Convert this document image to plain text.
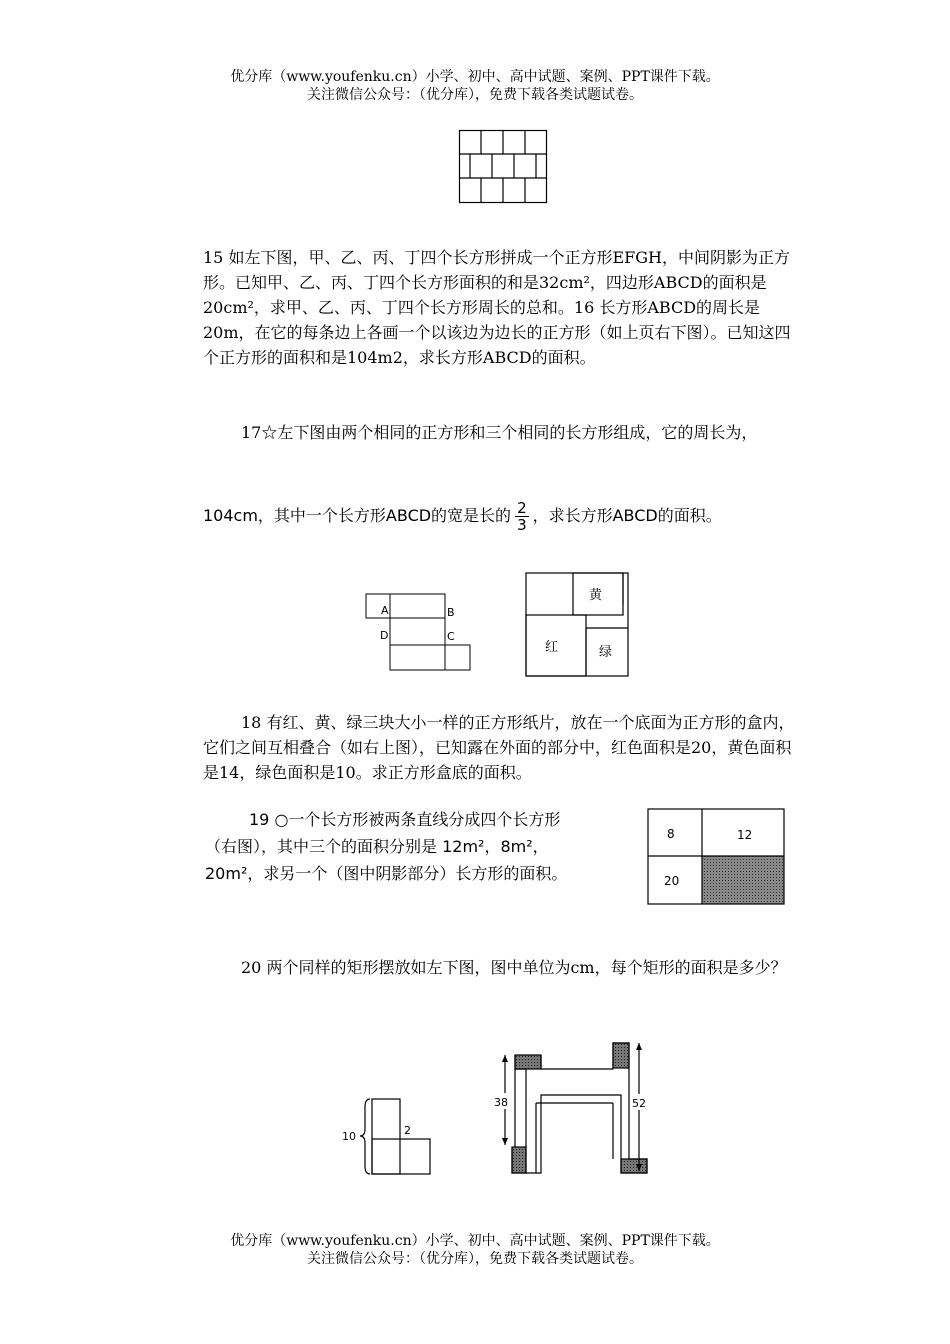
优分库（www.youfenku.cn）小学、初中、高中试题、案例、PPT课件下载。
关注微信公众号：（优分库），免费下载各类试题试卷。
15 如左下图，甲、乙、丙、丁四个长方形拼成一个正方形EFGH，中间阴影为正方形。已知甲、乙、丙、丁四个长方形面积的和是32cm²，四边形ABCD的面积是20cm²，求甲、乙、丙、丁四个长方形周长的总和。16 长方形ABCD的周长是20m，在它的每条边上各画一个以该边为边长的正方形（如上页右下图）。已知这四个正方形的面积和是104m2，求长方形ABCD的面积。
17☆左下图由两个相同的正方形和三个相同的长方形组成，它的周长为，
104cm，其中一个长方形ABCD的宽是长的 $\frac{2}{3}$ ，求长方形ABCD的面积。
A	B
C
D
黄
红	绿
18 有红、黄、绿三块大小一样的正方形纸片，放在一个底面为正方形的盒内，它们之间互相叠合（如右上图），已知露在外面的部分中，红色面积是20，黄色面积是14，绿色面积是10。求正方形盒底的面积。
19 ○一个长方形被两条直线分成四个长方形（右图），其中三个的面积分别是 12m²，8m²， 20m²，求另一个（图中阴影部分）长方形的面积。
8	12
20
20 两个同样的矩形摆放如左下图，图中单位为cm，每个矩形的面积是多少？
10	2
38	52
优分库（www.youfenku.cn）小学、初中、高中试题、案例、PPT课件下载。
关注微信公众号：（优分库），免费下载各类试题试卷。
